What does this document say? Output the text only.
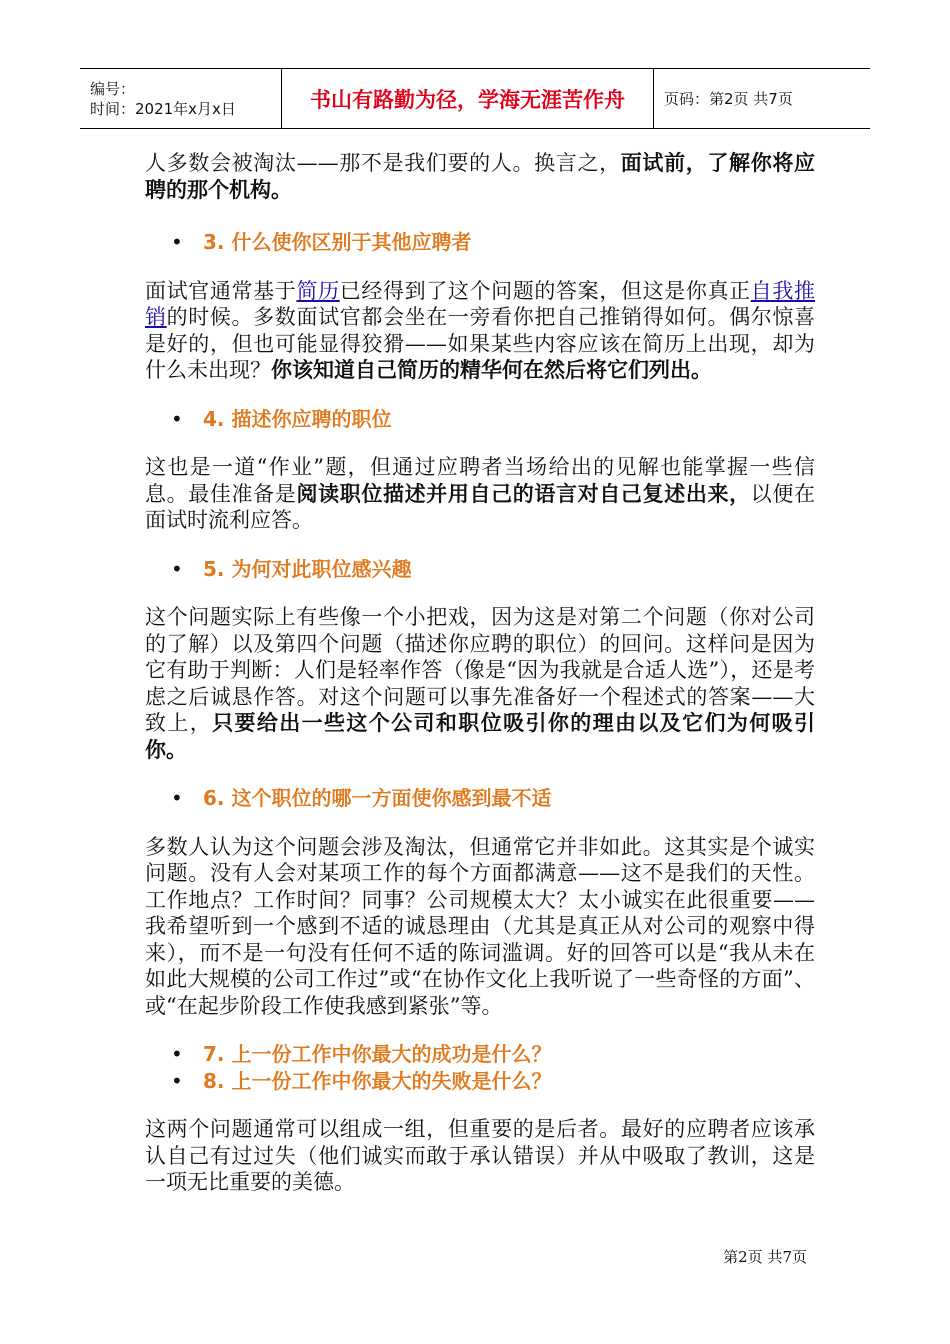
编号：
时间：2021年x月x日	书山有路勤为径，学海无涯苦作舟	页码：第2页 共7页

人多数会被淘汰——那不是我们要的人。换言之，面试前，了解你将应聘的那个机构。

• 3. 什么使你区别于其他应聘者

面试官通常基于简历已经得到了这个问题的答案，但这是你真正自我推销的时候。多数面试官都会坐在一旁看你把自己推销得如何。偶尔惊喜是好的，但也可能显得狡猾——如果某些内容应该在简历上出现，却为什么未出现？你该知道自己简历的精华何在然后将它们列出。

• 4. 描述你应聘的职位

这也是一道“作业”题，但通过应聘者当场给出的见解也能掌握一些信息。最佳准备是阅读职位描述并用自己的语言对自己复述出来，以便在面试时流利应答。

• 5. 为何对此职位感兴趣

这个问题实际上有些像一个小把戏，因为这是对第二个问题（你对公司的了解）以及第四个问题（描述你应聘的职位）的回问。这样问是因为它有助于判断：人们是轻率作答（像是“因为我就是合适人选”），还是考虑之后诚恳作答。对这个问题可以事先准备好一个程述式的答案——大致上，只要给出一些这个公司和职位吸引你的理由以及它们为何吸引你。

• 6. 这个职位的哪一方面使你感到最不适

多数人认为这个问题会涉及淘汰，但通常它并非如此。这其实是个诚实问题。没有人会对某项工作的每个方面都满意——这不是我们的天性。工作地点？工作时间？同事？公司规模太大？太小诚实在此很重要——我希望听到一个感到不适的诚恳理由（尤其是真正从对公司的观察中得来），而不是一句没有任何不适的陈词滥调。好的回答可以是“我从未在如此大规模的公司工作过”或“在协作文化上我听说了一些奇怪的方面”、或“在起步阶段工作使我感到紧张”等。

• 7. 上一份工作中你最大的成功是什么？
• 8. 上一份工作中你最大的失败是什么？

这两个问题通常可以组成一组，但重要的是后者。最好的应聘者应该承认自己有过过失（他们诚实而敢于承认错误）并从中吸取了教训，这是一项无比重要的美德。

第2页 共7页
